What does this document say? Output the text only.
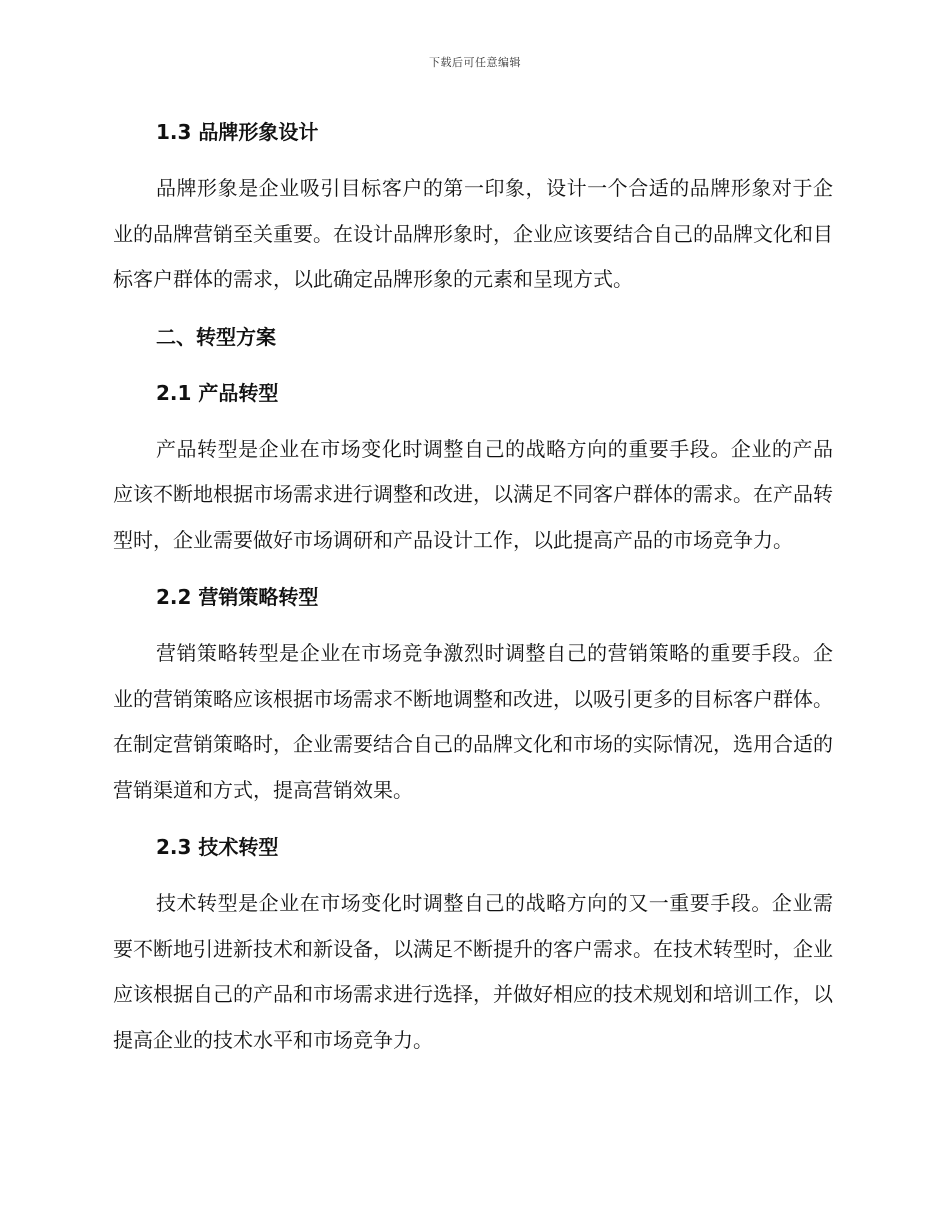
下载后可任意编辑
1.3 品牌形象设计

品牌形象是企业吸引目标客户的第一印象，设计一个合适的品牌形象对于企业的品牌营销至关重要。在设计品牌形象时，企业应该要结合自己的品牌文化和目标客户群体的需求，以此确定品牌形象的元素和呈现方式。

二、转型方案
2.1 产品转型

产品转型是企业在市场变化时调整自己的战略方向的重要手段。企业的产品应该不断地根据市场需求进行调整和改进，以满足不同客户群体的需求。在产品转型时，企业需要做好市场调研和产品设计工作，以此提高产品的市场竞争力。

2.2 营销策略转型

营销策略转型是企业在市场竞争激烈时调整自己的营销策略的重要手段。企业的营销策略应该根据市场需求不断地调整和改进，以吸引更多的目标客户群体。在制定营销策略时，企业需要结合自己的品牌文化和市场的实际情况，选用合适的营销渠道和方式，提高营销效果。

2.3 技术转型

技术转型是企业在市场变化时调整自己的战略方向的又一重要手段。企业需要不断地引进新技术和新设备，以满足不断提升的客户需求。在技术转型时，企业应该根据自己的产品和市场需求进行选择，并做好相应的技术规划和培训工作，以提高企业的技术水平和市场竞争力。
